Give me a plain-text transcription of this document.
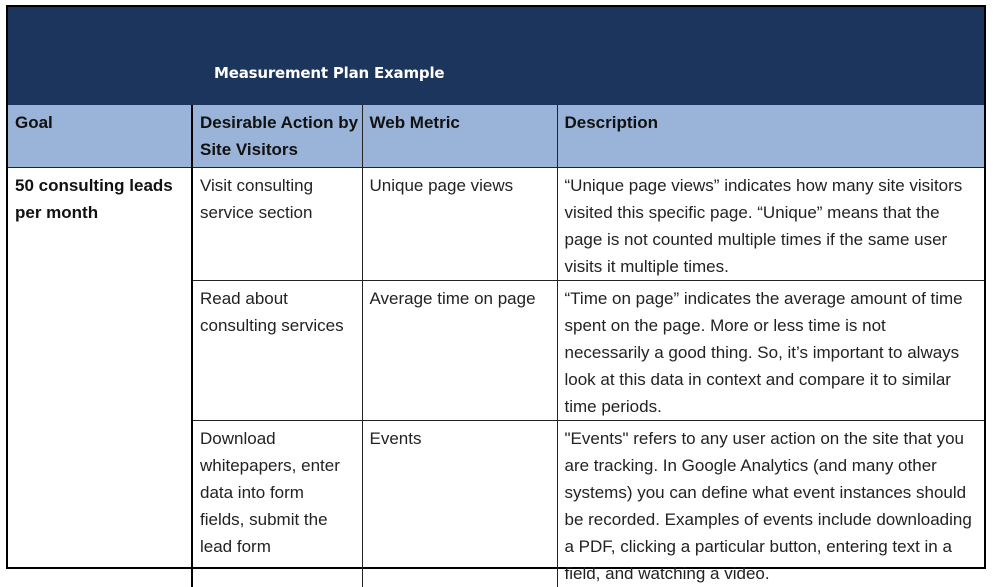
Measurement Plan Example
Goal	Desirable Action by Site Visitors	Web Metric	Description
50 consulting leads per month	Visit consulting service section	Unique page views	“Unique page views” indicates how many site visitors visited this specific page. “Unique” means that the page is not counted multiple times if the same user visits it multiple times.
	Read about consulting services	Average time on page	“Time on page” indicates the average amount of time spent on the page. More or less time is not necessarily a good thing. So, it’s important to always look at this data in context and compare it to similar time periods.
	Download whitepapers, enter data into form fields, submit the lead form	Events	"Events" refers to any user action on the site that you are tracking. In Google Analytics (and many other systems) you can define what event instances should be recorded. Examples of events include downloading a PDF, clicking a particular button, entering text in a field, and watching a video.
